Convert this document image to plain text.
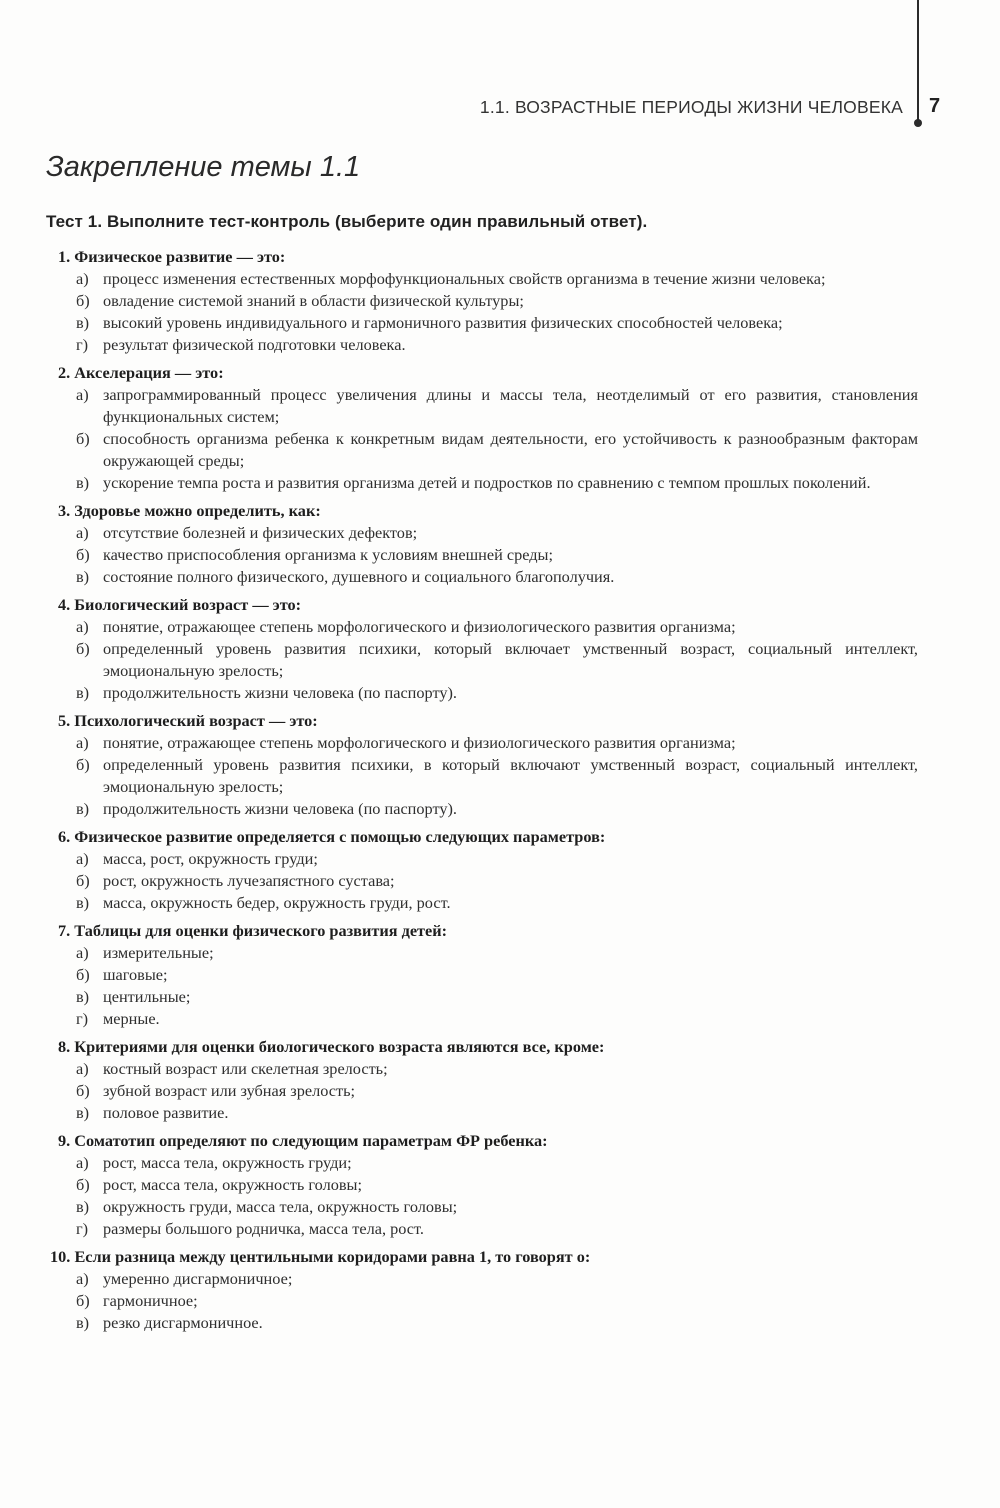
1.1. ВОЗРАСТНЫЕ ПЕРИОДЫ ЖИЗНИ ЧЕЛОВЕКА 7
Закрепление темы 1.1
Тест 1. Выполните тест-контроль (выберите один правильный ответ).
1. Физическое развитие — это:
а) процесс изменения естественных морфофункциональных свойств организма в течение жизни человека;
б) овладение системой знаний в области физической культуры;
в) высокий уровень индивидуального и гармоничного развития физических способностей человека;
г) результат физической подготовки человека.
2. Акселерация — это:
а) запрограммированный процесс увеличения длины и массы тела, неотделимый от его развития, становления функциональных систем;
б) способность организма ребенка к конкретным видам деятельности, его устойчивость к разнообразным факторам окружающей среды;
в) ускорение темпа роста и развития организма детей и подростков по сравнению с темпом прошлых поколений.
3. Здоровье можно определить, как:
а) отсутствие болезней и физических дефектов;
б) качество приспособления организма к условиям внешней среды;
в) состояние полного физического, душевного и социального благополучия.
4. Биологический возраст — это:
а) понятие, отражающее степень морфологического и физиологического развития организма;
б) определенный уровень развития психики, который включает умственный возраст, социальный интеллект, эмоциональную зрелость;
в) продолжительность жизни человека (по паспорту).
5. Психологический возраст — это:
а) понятие, отражающее степень морфологического и физиологического развития организма;
б) определенный уровень развития психики, в который включают умственный возраст, социальный интеллект, эмоциональную зрелость;
в) продолжительность жизни человека (по паспорту).
6. Физическое развитие определяется с помощью следующих параметров:
а) масса, рост, окружность груди;
б) рост, окружность лучезапястного сустава;
в) масса, окружность бедер, окружность груди, рост.
7. Таблицы для оценки физического развития детей:
а) измерительные;
б) шаговые;
в) центильные;
г) мерные.
8. Критериями для оценки биологического возраста являются все, кроме:
а) костный возраст или скелетная зрелость;
б) зубной возраст или зубная зрелость;
в) половое развитие.
9. Соматотип определяют по следующим параметрам ФР ребенка:
а) рост, масса тела, окружность груди;
б) рост, масса тела, окружность головы;
в) окружность груди, масса тела, окружность головы;
г) размеры большого родничка, масса тела, рост.
10. Если разница между центильными коридорами равна 1, то говорят о:
а) умеренно дисгармоничное;
б) гармоничное;
в) резко дисгармоничное.
